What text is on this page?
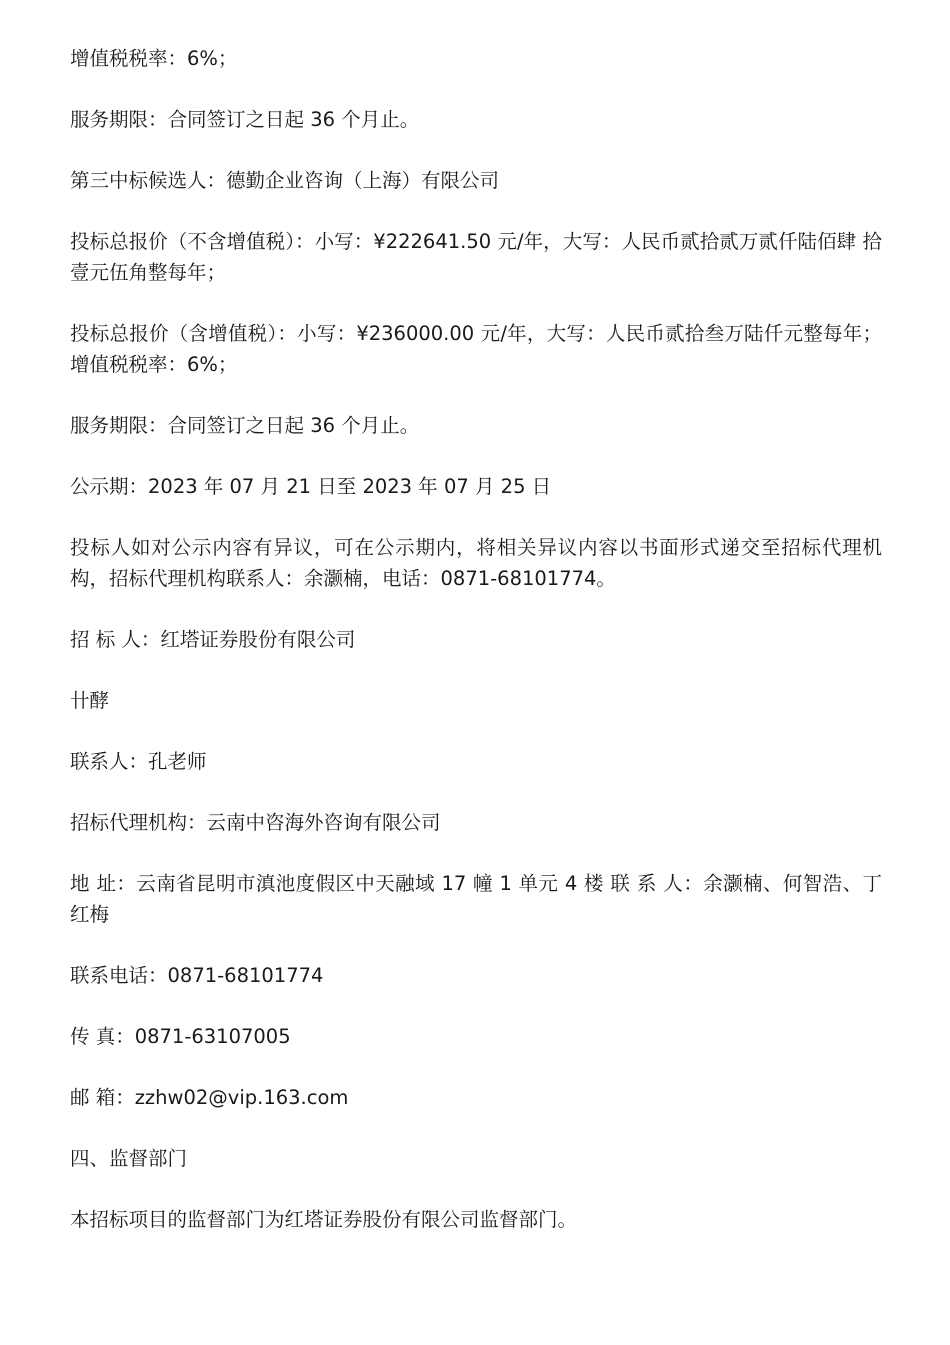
增值税税率：6%；

服务期限：合同签订之日起 36 个月止。

第三中标候选人：德勤企业咨询（上海）有限公司

投标总报价（不含增值税）：小写：¥222641.50 元/年，大写：人民币贰拾贰万贰仟陆佰肆 拾壹元伍角整每年；

投标总报价（含增值税）：小写：¥236000.00 元/年，大写：人民币贰拾叁万陆仟元整每年；增值税税率：6%；

服务期限：合同签订之日起 36 个月止。

公示期：2023 年 07 月 21 日至 2023 年 07 月 25 日

投标人如对公示内容有异议，可在公示期内，将相关异议内容以书面形式递交至招标代理机 构，招标代理机构联系人：余灏楠，电话：0871-68101774。

招 标 人：红塔证券股份有限公司

卄酵

联系人：孔老师

招标代理机构：云南中咨海外咨询有限公司

地 址：云南省昆明市滇池度假区中天融域 17 幢 1 单元 4 楼 联 系 人：余灏楠、何智浩、丁红梅

联系电话：0871-68101774

传 真：0871-63107005

邮 箱：zzhw02@vip.163.com

四、监督部门

本招标项目的监督部门为红塔证券股份有限公司监督部门。
